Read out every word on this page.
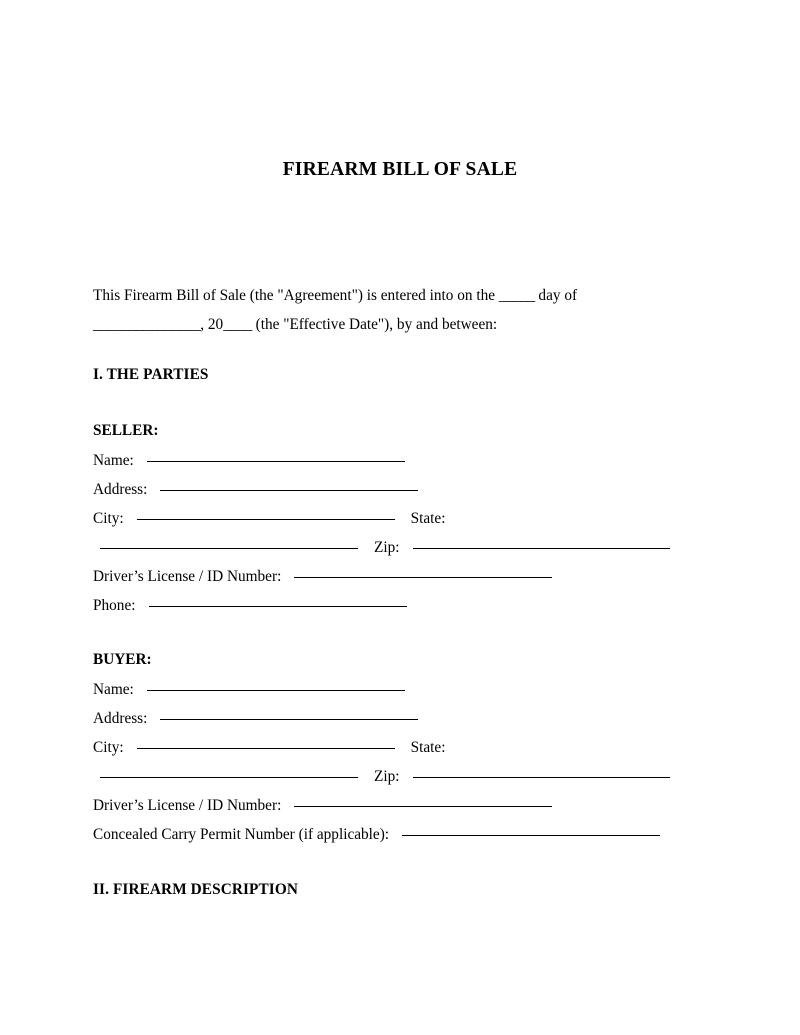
FIREARM BILL OF SALE
This Firearm Bill of Sale (the "Agreement") is entered into on the _____ day of
_______________, 20____ (the "Effective Date"), by and between:
I. THE PARTIES
SELLER:
Name:
Address:
City:	State:
Zip:
Driver’s License / ID Number:
Phone:
BUYER:
Name:
Address:
City:	State:
Zip:
Driver’s License / ID Number:
Concealed Carry Permit Number (if applicable):
II. FIREARM DESCRIPTION
